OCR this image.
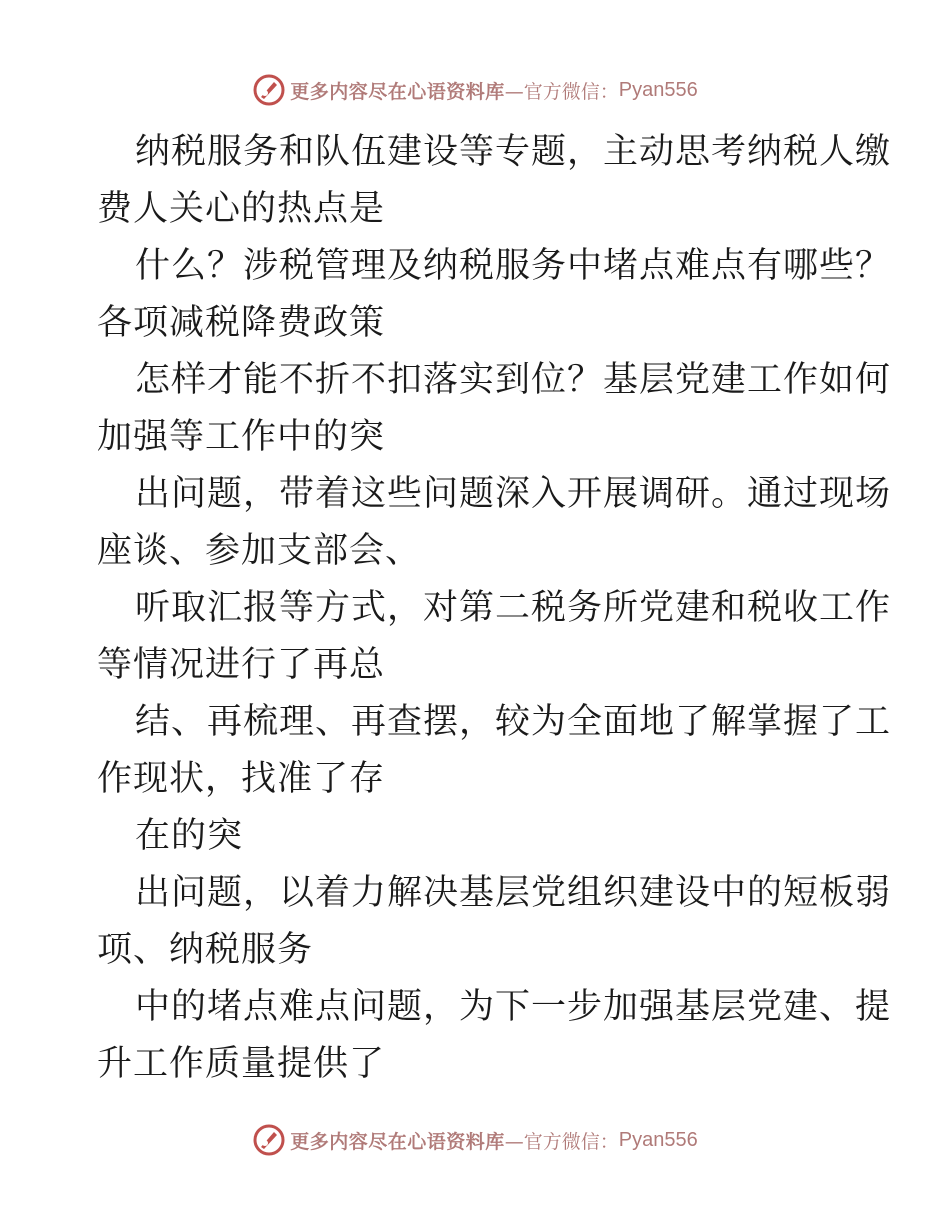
更多内容尽在心语资料库 —官方微信： Pyan556
纳税服务和队伍建设等专题，主动思考纳税人缴
费人关心的热点是
什么？涉税管理及纳税服务中堵点难点有哪些？
各项减税降费政策
怎样才能不折不扣落实到位？基层党建工作如何
加强等工作中的突
出问题，带着这些问题深入开展调研。通过现场
座谈、参加支部会、
听取汇报等方式，对第二税务所党建和税收工作
等情况进行了再总
结、再梳理、再查摆，较为全面地了解掌握了工
作现状，找准了存
在的突
出问题，以着力解决基层党组织建设中的短板弱
项、纳税服务
中的堵点难点问题，为下一步加强基层党建、提
升工作质量提供了
更多内容尽在心语资料库 —官方微信： Pyan556
